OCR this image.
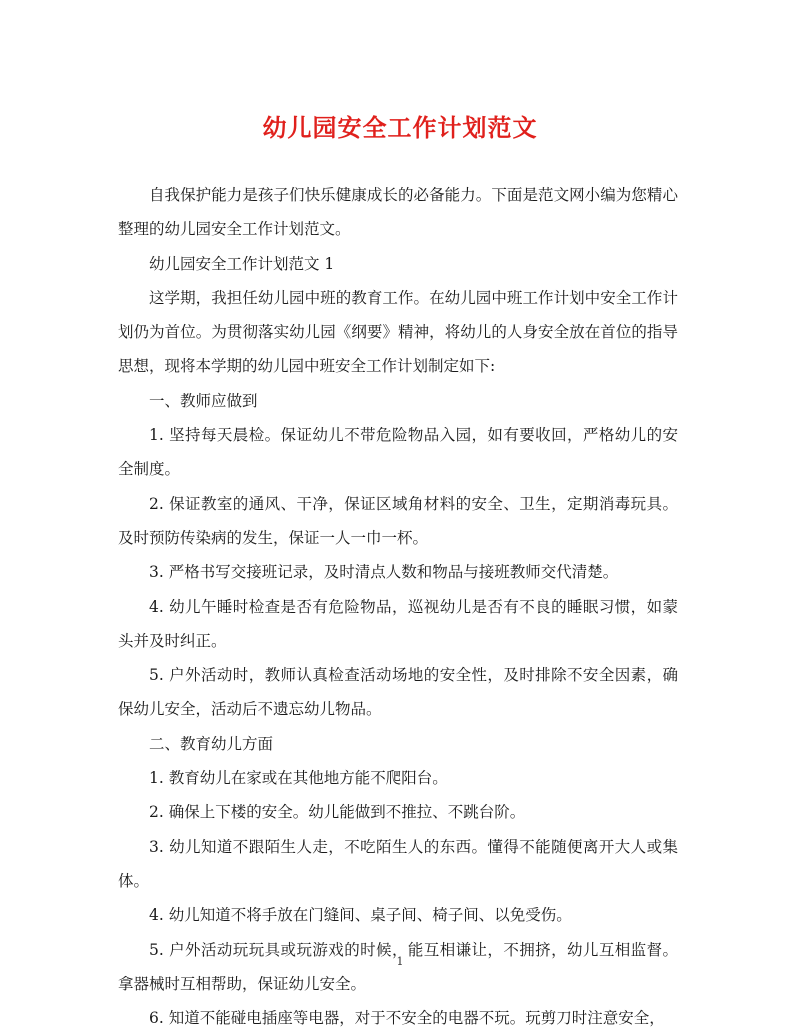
幼儿园安全工作计划范文

自我保护能力是孩子们快乐健康成长的必备能力。下面是范文网小编为您精心整理的幼儿园安全工作计划范文。

幼儿园安全工作计划范文 1

这学期，我担任幼儿园中班的教育工作。在幼儿园中班工作计划中安全工作计划仍为首位。为贯彻落实幼儿园《纲要》精神，将幼儿的人身安全放在首位的指导思想，现将本学期的幼儿园中班安全工作计划制定如下:

一、教师应做到

1. 坚持每天晨检。保证幼儿不带危险物品入园，如有要收回，严格幼儿的安全制度。

2. 保证教室的通风、干净，保证区域角材料的安全、卫生，定期消毒玩具。及时预防传染病的发生，保证一人一巾一杯。

3. 严格书写交接班记录，及时清点人数和物品与接班教师交代清楚。

4. 幼儿午睡时检查是否有危险物品，巡视幼儿是否有不良的睡眠习惯，如蒙头并及时纠正。

5. 户外活动时，教师认真检查活动场地的安全性，及时排除不安全因素，确保幼儿安全，活动后不遗忘幼儿物品。

二、教育幼儿方面

1. 教育幼儿在家或在其他地方能不爬阳台。

2. 确保上下楼的安全。幼儿能做到不推拉、不跳台阶。

3. 幼儿知道不跟陌生人走，不吃陌生人的东西。懂得不能随便离开大人或集体。

4. 幼儿知道不将手放在门缝间、桌子间、椅子间、以免受伤。

5. 户外活动玩玩具或玩游戏的时候，能互相谦让，不拥挤，幼儿互相监督。拿器械时互相帮助，保证幼儿安全。

6. 知道不能碰电插座等电器，对于不安全的电器不玩。玩剪刀时注意安全，

1
